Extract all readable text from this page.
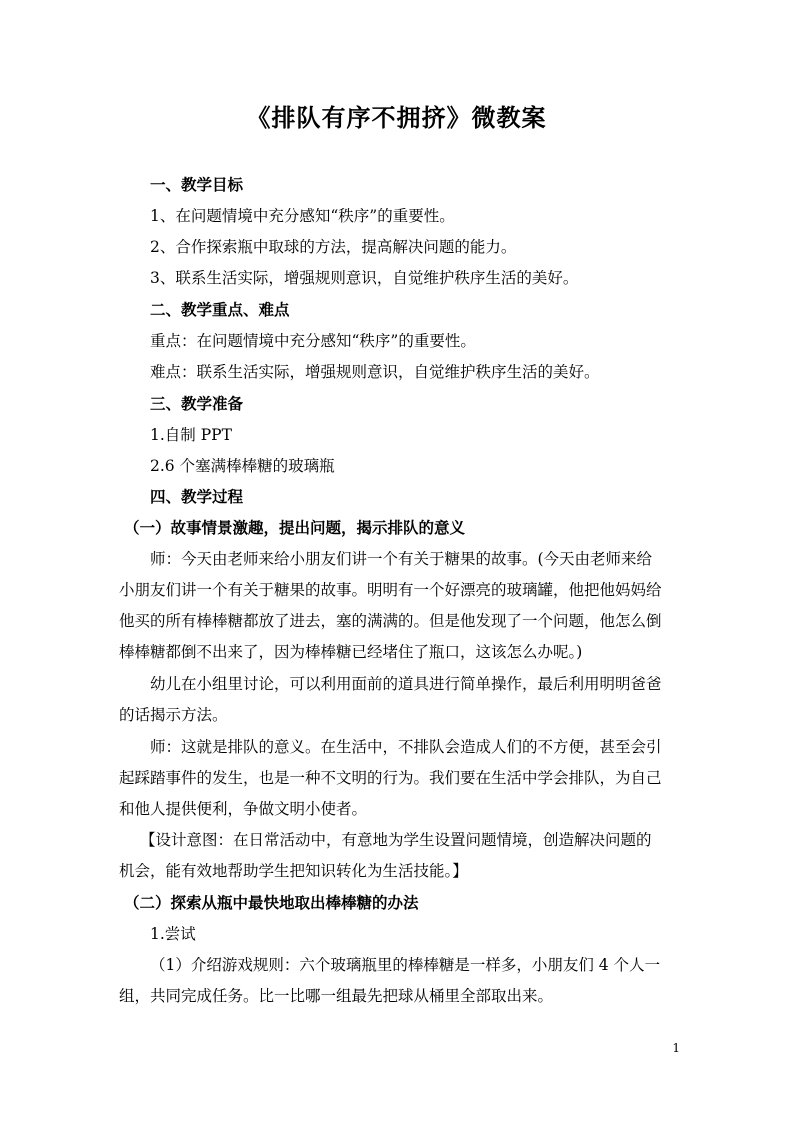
《排队有序不拥挤》微教案
一、教学目标
1、在问题情境中充分感知“秩序”的重要性。
2、合作探索瓶中取球的方法，提高解决问题的能力。
3、联系生活实际，增强规则意识，自觉维护秩序生活的美好。
二、教学重点、难点
重点：在问题情境中充分感知“秩序”的重要性。
难点：联系生活实际，增强规则意识，自觉维护秩序生活的美好。
三、教学准备
1.自制 PPT
2.6 个塞满棒棒糖的玻璃瓶
四、教学过程
（一）故事情景激趣，提出问题，揭示排队的意义
师：今天由老师来给小朋友们讲一个有关于糖果的故事。(今天由老师来给
小朋友们讲一个有关于糖果的故事。明明有一个好漂亮的玻璃罐，他把他妈妈给
他买的所有棒棒糖都放了进去，塞的满满的。但是他发现了一个问题，他怎么倒
棒棒糖都倒不出来了，因为棒棒糖已经堵住了瓶口，这该怎么办呢。)
幼儿在小组里讨论，可以利用面前的道具进行简单操作，最后利用明明爸爸
的话揭示方法。
师：这就是排队的意义。在生活中，不排队会造成人们的不方便，甚至会引
起踩踏事件的发生，也是一种不文明的行为。我们要在生活中学会排队，为自己
和他人提供便利，争做文明小使者。
【设计意图：在日常活动中，有意地为学生设置问题情境，创造解决问题的
机会，能有效地帮助学生把知识转化为生活技能。】
（二）探索从瓶中最快地取出棒棒糖的办法
1.尝试
（1）介绍游戏规则：六个玻璃瓶里的棒棒糖是一样多，小朋友们 4 个人一
组，共同完成任务。比一比哪一组最先把球从桶里全部取出来。
1
